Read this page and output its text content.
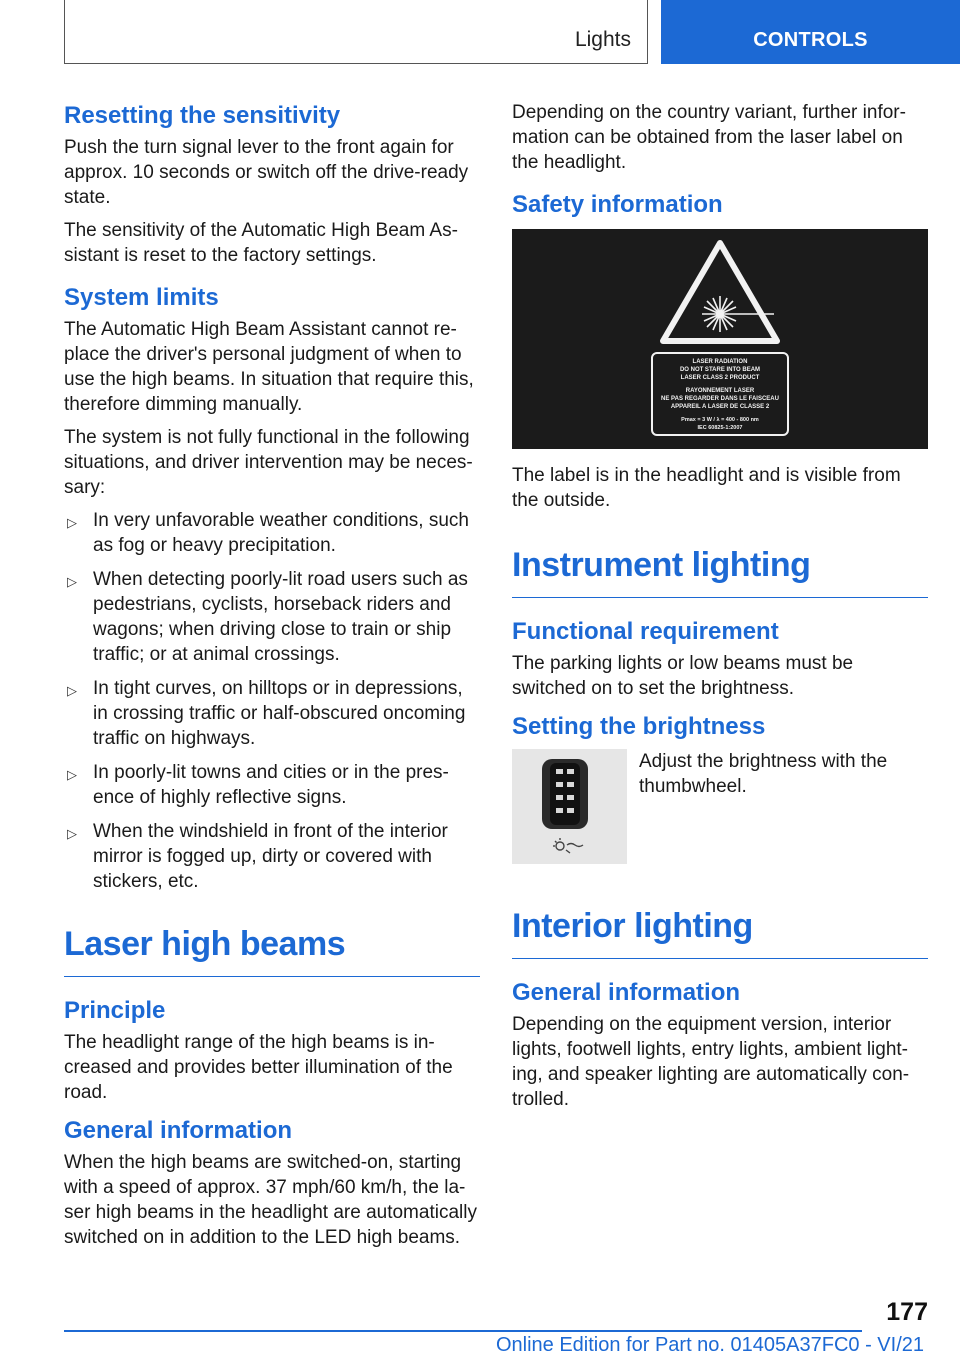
Lights	CONTROLS
Resetting the sensitivity

Push the turn signal lever to the front again for approx. 10 seconds or switch off the drive-ready state.

The sensitivity of the Automatic High Beam As-sistant is reset to the factory settings.

System limits

The Automatic High Beam Assistant cannot re-place the driver's personal judgment of when to use the high beams. In situation that require this, therefore dimming manually.

The system is not fully functional in the following situations, and driver intervention may be neces-sary:

▷ In very unfavorable weather conditions, such as fog or heavy precipitation.
▷ When detecting poorly-lit road users such as pedestrians, cyclists, horseback riders and wagons; when driving close to train or ship traffic; or at animal crossings.
▷ In tight curves, on hilltops or in depressions, in crossing traffic or half-obscured oncoming traffic on highways.
▷ In poorly-lit towns and cities or in the pres-ence of highly reflective signs.
▷ When the windshield in front of the interior mirror is fogged up, dirty or covered with stickers, etc.
Laser high beams
Principle

The headlight range of the high beams is in-creased and provides better illumination of the road.

General information

When the high beams are switched-on, starting with a speed of approx. 37 mph/60 km/h, the la-ser high beams in the headlight are automatically switched on in addition to the LED high beams.

Depending on the country variant, further infor-mation can be obtained from the laser label on the headlight.

Safety information
LASER RADIATION
DO NOT STARE INTO BEAM
LASER CLASS 2 PRODUCT
RAYONNEMENT LASER
NE PAS REGARDER DANS LE FAISCEAU
APPAREIL A LASER DE CLASSE 2
Pmax = 3 W / λ = 400 - 800 nm
IEC 60825-1:2007

The label is in the headlight and is visible from the outside.

Instrument lighting
Functional requirement

The parking lights or low beams must be switched on to set the brightness.

Setting the brightness
Adjust the brightness with the thumbwheel.
Interior lighting
General information

Depending on the equipment version, interior lights, footwell lights, entry lights, ambient light-ing, and speaker lighting are automatically con-trolled.

177
Online Edition for Part no. 01405A37FC0 - VI/21
